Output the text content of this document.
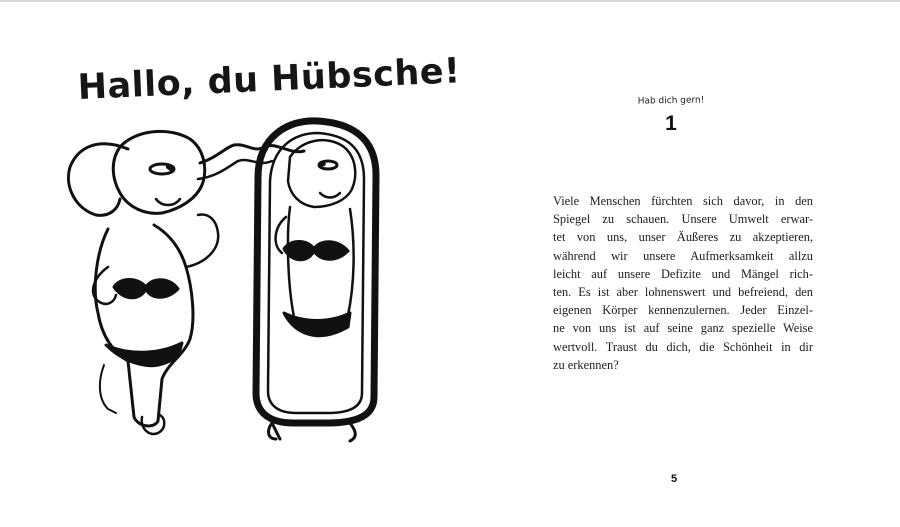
Hallo, du Hübsche!	Hab dich gern!
1
Viele Menschen fürchten sich davor, in den
Spiegel zu schauen. Unsere Umwelt erwar-
tet von uns, unser Äußeres zu akzeptieren,
während wir unsere Aufmerksamkeit allzu
leicht auf unsere Defizite und Mängel rich-
ten. Es ist aber lohnenswert und befreiend, den
eigenen Körper kennenzulernen. Jeder Einzel-
ne von uns ist auf seine ganz spezielle Weise
wertvoll. Traust du dich, die Schönheit in dir
zu erkennen?
5
